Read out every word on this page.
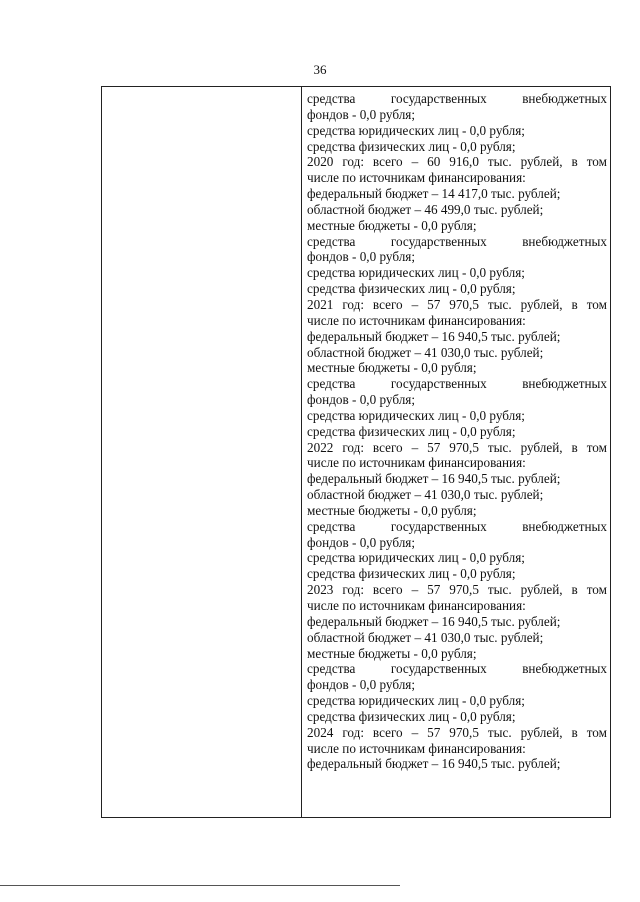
36
средства государственных внебюджетных
фондов - 0,0 рубля;
средства юридических лиц - 0,0 рубля;
средства физических лиц - 0,0 рубля;
2020 год: всего – 60 916,0 тыс. рублей, в том
числе по источникам финансирования:
федеральный бюджет – 14 417,0 тыс. рублей;
областной бюджет – 46 499,0 тыс. рублей;
местные бюджеты - 0,0 рубля;
средства государственных внебюджетных
фондов - 0,0 рубля;
средства юридических лиц - 0,0 рубля;
средства физических лиц - 0,0 рубля;
2021 год: всего – 57 970,5 тыс. рублей, в том
числе по источникам финансирования:
федеральный бюджет – 16 940,5 тыс. рублей;
областной бюджет – 41 030,0 тыс. рублей;
местные бюджеты - 0,0 рубля;
средства государственных внебюджетных
фондов - 0,0 рубля;
средства юридических лиц - 0,0 рубля;
средства физических лиц - 0,0 рубля;
2022 год: всего – 57 970,5 тыс. рублей, в том
числе по источникам финансирования:
федеральный бюджет – 16 940,5 тыс. рублей;
областной бюджет – 41 030,0 тыс. рублей;
местные бюджеты - 0,0 рубля;
средства государственных внебюджетных
фондов - 0,0 рубля;
средства юридических лиц - 0,0 рубля;
средства физических лиц - 0,0 рубля;
2023 год: всего – 57 970,5 тыс. рублей, в том
числе по источникам финансирования:
федеральный бюджет – 16 940,5 тыс. рублей;
областной бюджет – 41 030,0 тыс. рублей;
местные бюджеты - 0,0 рубля;
средства государственных внебюджетных
фондов - 0,0 рубля;
средства юридических лиц - 0,0 рубля;
средства физических лиц - 0,0 рубля;
2024 год: всего – 57 970,5 тыс. рублей, в том
числе по источникам финансирования:
федеральный бюджет – 16 940,5 тыс. рублей;
